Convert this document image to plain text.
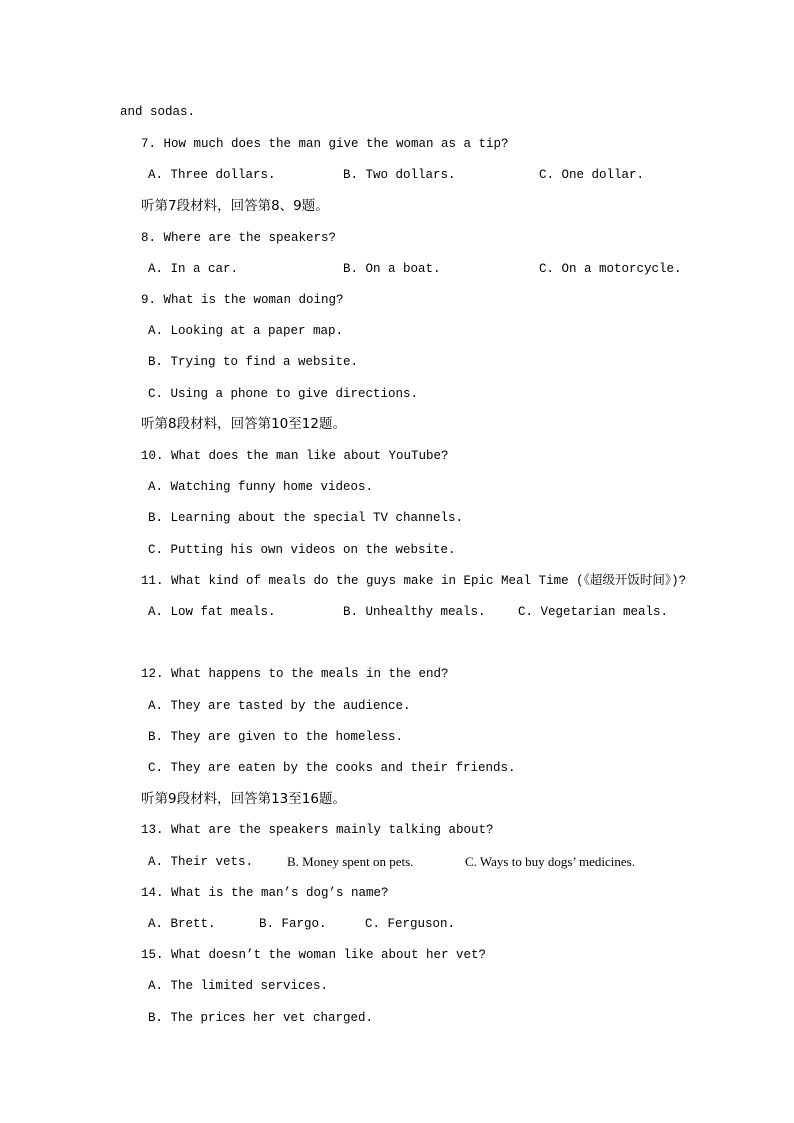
and sodas.

7. How much does the man give the woman as a tip?

A. Three dollars.	B. Two dollars.	C. One dollar.

听第7段材料，回答第8、9题。

8. Where are the speakers?

A. In a car.	B. On a boat.	C. On a motorcycle.

9. What is the woman doing?

A. Looking at a paper map.

B. Trying to find a website.

C. Using a phone to give directions.

听第8段材料，回答第10至12题。

10. What does the man like about YouTube?

A. Watching funny home videos.

B. Learning about the special TV channels.

C. Putting his own videos on the website.

11. What kind of meals do the guys make in Epic Meal Time (《超级开饭时间》)?

A. Low fat meals.	B. Unhealthy meals.	C. Vegetarian meals.

12. What happens to the meals in the end?

A. They are tasted by the audience.

B. They are given to the homeless.

C. They are eaten by the cooks and their friends.

听第9段材料，回答第13至16题。

13. What are the speakers mainly talking about?

A. Their vets.	B. Money spent on pets.	C. Ways to buy dogs’ medicines.

14. What is the man’s dog’s name?

A. Brett.	B. Fargo.	C. Ferguson.

15. What doesn’t the woman like about her vet?

A. The limited services.

B. The prices her vet charged.
